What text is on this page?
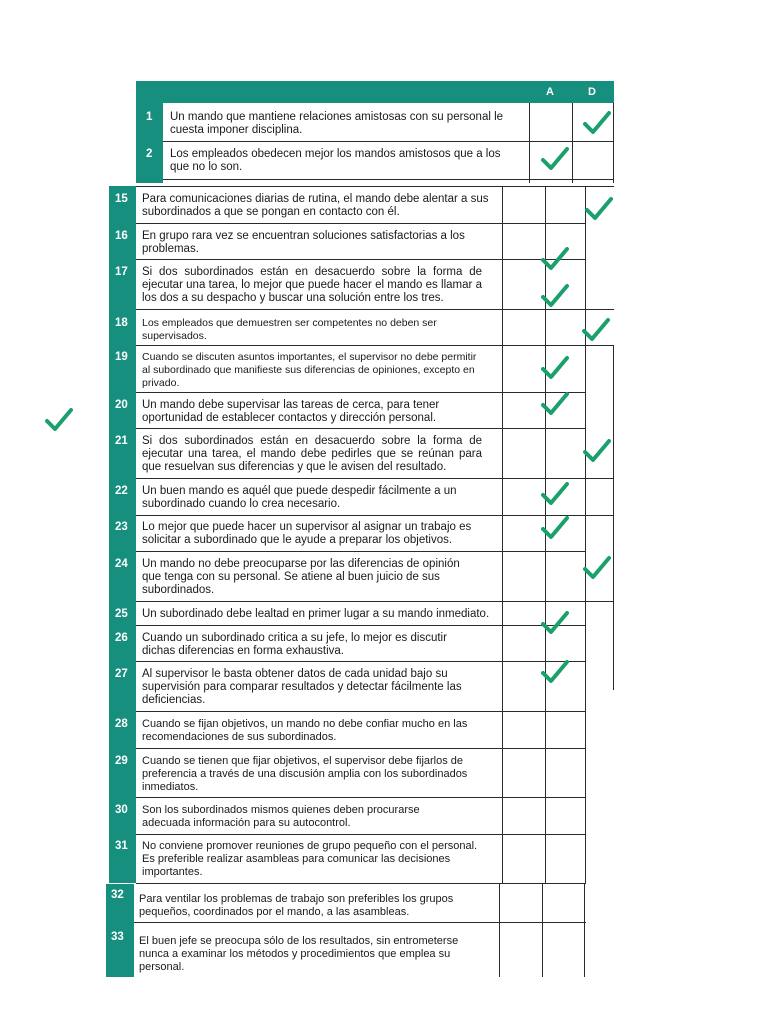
A	D
1 Un mando que mantiene relaciones amistosas con su personal le cuesta imponer disciplina.
2 Los empleados obedecen mejor los mandos amistosos que a los que no lo son.
15 Para comunicaciones diarias de rutina, el mando debe alentar a sus subordinados a que se pongan en contacto con él.
16 En grupo rara vez se encuentran soluciones satisfactorias a los problemas.
17 Si dos subordinados están en desacuerdo sobre la forma de ejecutar una tarea, lo mejor que puede hacer el mando es llamar a los dos a su despacho y buscar una solución entre los tres.
18 Los empleados que demuestren ser competentes no deben ser supervisados.
19 Cuando se discuten asuntos importantes, el supervisor no debe permitir al subordinado que manifieste sus diferencias de opiniones, excepto en privado.
20 Un mando debe supervisar las tareas de cerca, para tener oportunidad de establecer contactos y dirección personal.
21 Si dos subordinados están en desacuerdo sobre la forma de ejecutar una tarea, el mando debe pedirles que se reúnan para que resuelvan sus diferencias y que le avisen del resultado.
22 Un buen mando es aquél que puede despedir fácilmente a un subordinado cuando lo crea necesario.
23 Lo mejor que puede hacer un supervisor al asignar un trabajo es solicitar a subordinado que le ayude a preparar los objetivos.
24 Un mando no debe preocuparse por las diferencias de opinión que tenga con su personal. Se atiene al buen juicio de sus subordinados.
25 Un subordinado debe lealtad en primer lugar a su mando inmediato.
26 Cuando un subordinado critica a su jefe, lo mejor es discutir dichas diferencias en forma exhaustiva.
27 Al supervisor le basta obtener datos de cada unidad bajo su supervisión para comparar resultados y detectar fácilmente las deficiencias.
28 Cuando se fijan objetivos, un mando no debe confiar mucho en las recomendaciones de sus subordinados.
29 Cuando se tienen que fijar objetivos, el supervisor debe fijarlos de preferencia a través de una discusión amplia con los subordinados inmediatos.
30 Son los subordinados mismos quienes deben procurarse adecuada información para su autocontrol.
31 No conviene promover reuniones de grupo pequeño con el personal. Es preferible realizar asambleas para comunicar las decisiones importantes.
32 Para ventilar los problemas de trabajo son preferibles los grupos pequeños, coordinados por el mando, a las asambleas.
33 El buen jefe se preocupa sólo de los resultados, sin entrometerse nunca a examinar los métodos y procedimientos que emplea su personal.
